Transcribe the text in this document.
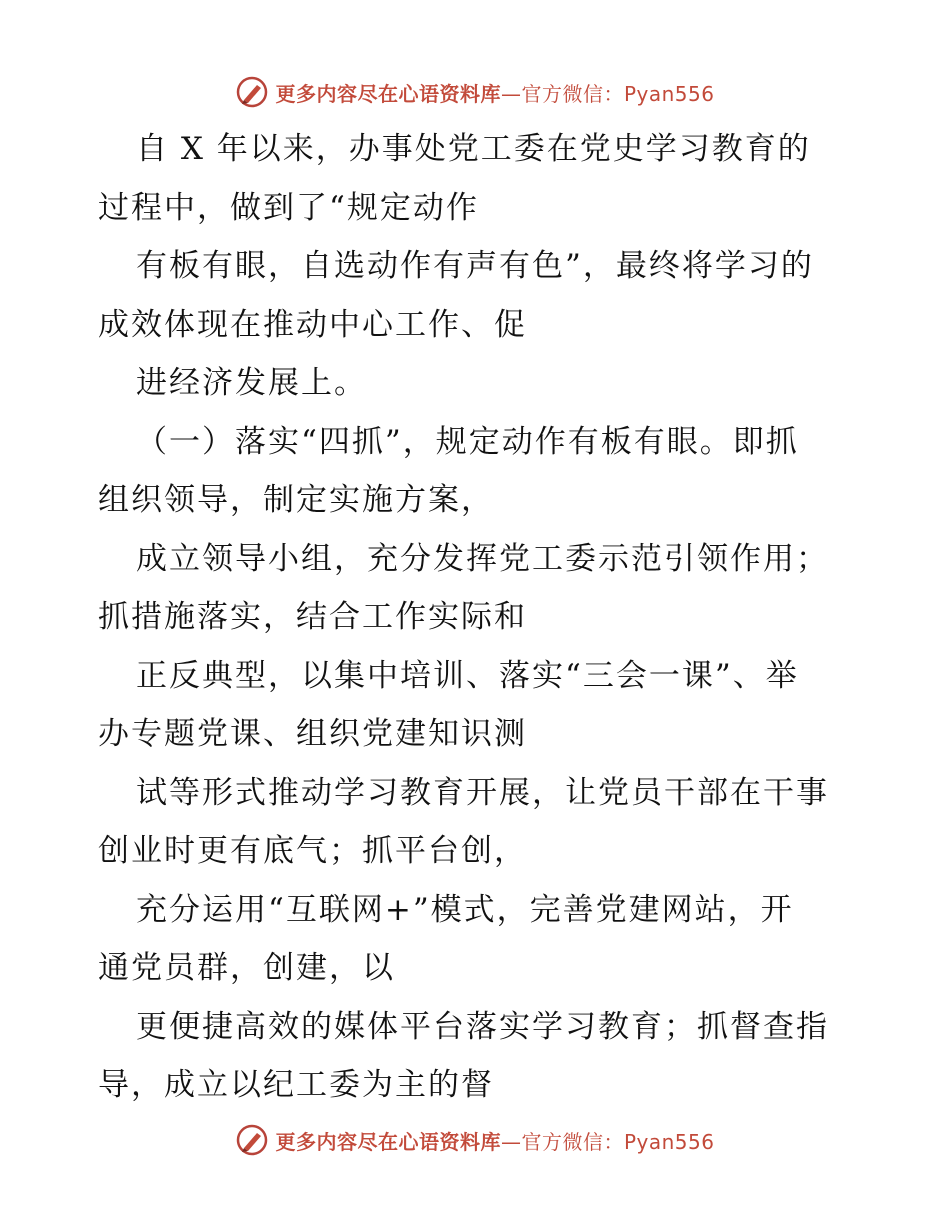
更多内容尽在心语资料库—官方微信：Pyan556
自 X 年以来，办事处党工委在党史学习教育的
过程中，做到了“规定动作
有板有眼，自选动作有声有色”，最终将学习的
成效体现在推动中心工作、促
进经济发展上。
（一）落实“四抓”，规定动作有板有眼。即抓
组织领导，制定实施方案，
成立领导小组，充分发挥党工委示范引领作用；
抓措施落实，结合工作实际和
正反典型，以集中培训、落实“三会一课”、举
办专题党课、组织党建知识测
试等形式推动学习教育开展，让党员干部在干事
创业时更有底气；抓平台创，
充分运用“互联网+”模式，完善党建网站，开
通党员群，创建，以
更便捷高效的媒体平台落实学习教育；抓督查指
导，成立以纪工委为主的督
更多内容尽在心语资料库—官方微信：Pyan556
